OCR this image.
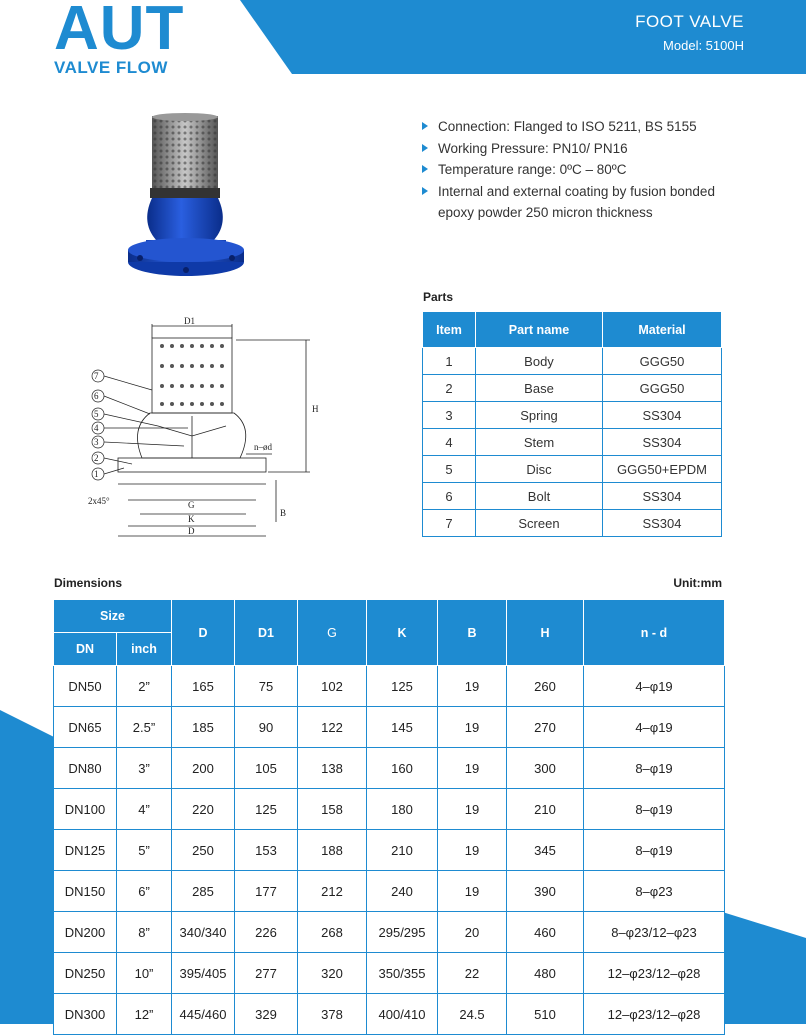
AUT
VALVE FLOW
FOOT VALVE
Model: 5100H
7
6
5
4
3
2
1
D1
H
n–ød
G
K
D
B
2x45°
Connection: Flanged to ISO 5211, BS 5155
Working Pressure: PN10/ PN16
Temperature range: 0ºC – 80ºC
Internal and external coating by fusion bonded epoxy powder 250 micron thickness
Parts
Item	Part name	Material
1	Body	GGG50
2	Base	GGG50
3	Spring	SS304
4	Stem	SS304
5	Disc	GGG50+EPDM
6	Bolt	SS304
7	Screen	SS304
Dimensions	Unit:mm
Size		D	D1	G	K	B	H	n - d
DN	inch							
DN50	2”	165	75	102	125	19	260	4–φ19
DN65	2.5”	185	90	122	145	19	270	4–φ19
DN80	3”	200	105	138	160	19	300	8–φ19
DN100	4”	220	125	158	180	19	210	8–φ19
DN125	5”	250	153	188	210	19	345	8–φ19
DN150	6”	285	177	212	240	19	390	8–φ23
DN200	8”	340/340	226	268	295/295	20	460	8–φ23/12–φ23
DN250	10”	395/405	277	320	350/355	22	480	12–φ23/12–φ28
DN300	12”	445/460	329	378	400/410	24.5	510	12–φ23/12–φ28
